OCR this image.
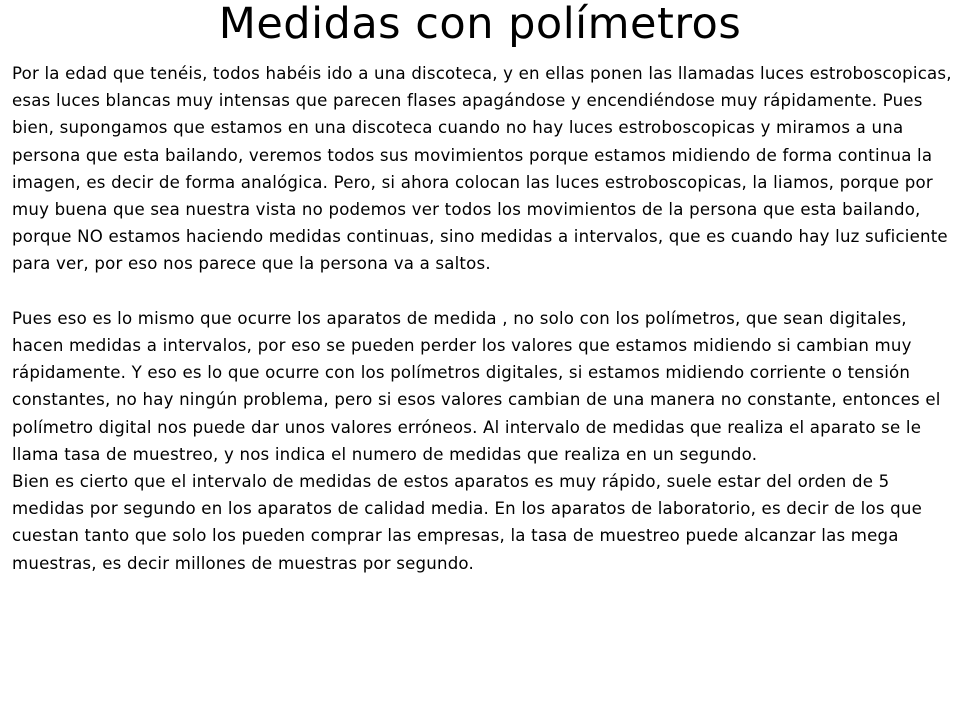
Medidas con polímetros

Por la edad que tenéis, todos habéis ido a una discoteca, y en ellas ponen las llamadas luces estroboscopicas, esas luces blancas muy intensas que parecen flases apagándose y encendiéndose muy rápidamente. Pues bien, supongamos que estamos en una discoteca cuando no hay luces estroboscopicas y miramos a una persona que esta bailando, veremos todos sus movimientos porque estamos midiendo de forma continua la imagen, es decir de forma analógica. Pero, si ahora colocan las luces estroboscopicas, la liamos, porque por muy buena que sea nuestra vista no podemos ver todos los movimientos de la persona que esta bailando, porque NO estamos haciendo medidas continuas, sino medidas a intervalos, que es cuando hay luz suficiente para ver, por eso nos parece que la persona va a saltos.

Pues eso es lo mismo que ocurre los aparatos de medida , no solo con los polímetros, que sean digitales, hacen medidas a intervalos, por eso se pueden perder los valores que estamos midiendo si cambian muy rápidamente. Y eso es lo que ocurre con los polímetros digitales, si estamos midiendo corriente o tensión constantes, no hay ningún problema, pero si esos valores cambian de una manera no constante, entonces el polímetro digital nos puede dar unos valores erróneos. Al intervalo de medidas que realiza el aparato se le llama tasa de muestreo, y nos indica el numero de medidas que realiza en un segundo.

Bien es cierto que el intervalo de medidas de estos aparatos es muy rápido, suele estar del orden de 5 medidas por segundo en los aparatos de calidad media. En los aparatos de laboratorio, es decir de los que cuestan tanto que solo los pueden comprar las empresas, la tasa de muestreo puede alcanzar las mega muestras, es decir millones de muestras por segundo.
